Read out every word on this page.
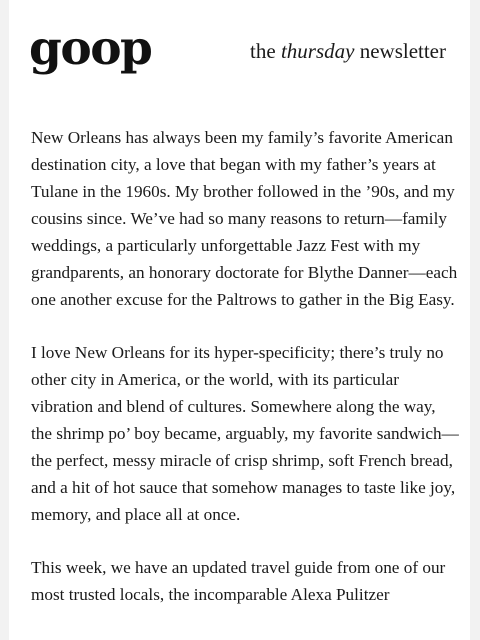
goop	the thursday newsletter

New Orleans has always been my family’s favorite American destination city, a love that began with my father’s years at Tulane in the 1960s. My brother followed in the ’90s, and my cousins since. We’ve had so many reasons to return—family weddings, a particularly unforgettable Jazz Fest with my grandparents, an honorary doctorate for Blythe Danner—each one another excuse for the Paltrows to gather in the Big Easy.

I love New Orleans for its hyper-specificity; there’s truly no other city in America, or the world, with its particular vibration and blend of cultures. Somewhere along the way, the shrimp po’ boy became, arguably, my favorite sandwich—the perfect, messy miracle of crisp shrimp, soft French bread, and a hit of hot sauce that somehow manages to taste like joy, memory, and place all at once.

This week, we have an updated travel guide from one of our most trusted locals, the incomparable Alexa Pulitzer
